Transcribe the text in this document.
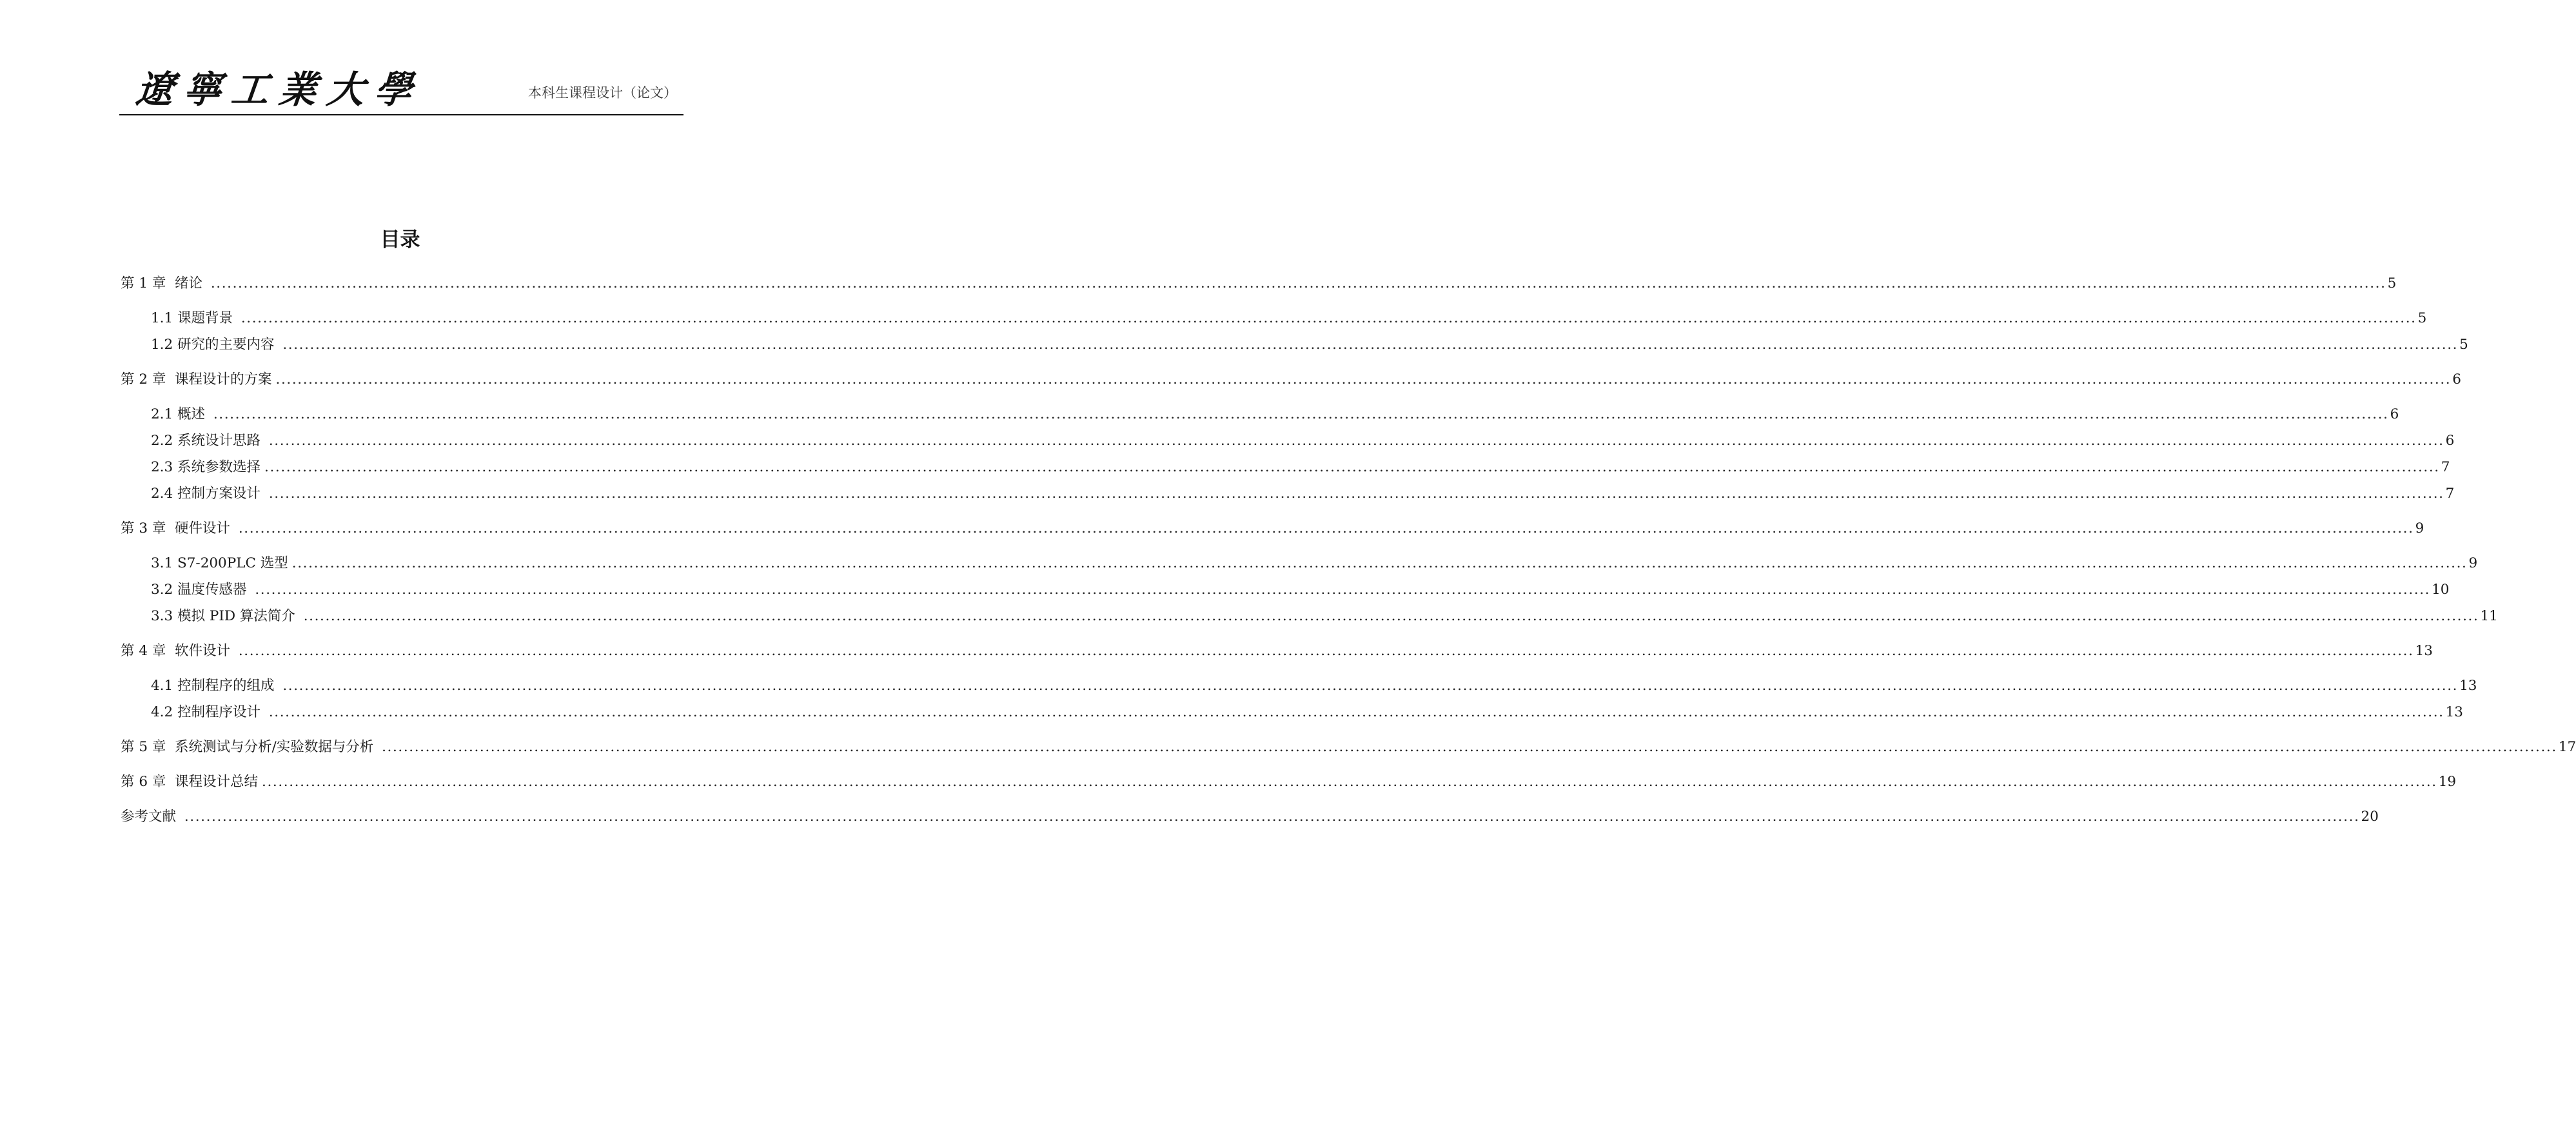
遼寧工業大學	本科生课程设计（论文）
目录
第 1 章  绪论 ................................................................................................................................................................................................................................................................................................................................................................................................................ 5
1.1 课题背景 ................................................................................................................................................................................................................................................................................................................................................................................................................ 5
1.2 研究的主要内容 ................................................................................................................................................................................................................................................................................................................................................................................................................ 5
第 2 章  课程设计的方案 ................................................................................................................................................................................................................................................................................................................................................................................................................ 6
2.1 概述 ................................................................................................................................................................................................................................................................................................................................................................................................................ 6
2.2 系统设计思路 ................................................................................................................................................................................................................................................................................................................................................................................................................ 6
2.3 系统参数选择 ................................................................................................................................................................................................................................................................................................................................................................................................................ 7
2.4 控制方案设计 ................................................................................................................................................................................................................................................................................................................................................................................................................ 7
第 3 章  硬件设计 ................................................................................................................................................................................................................................................................................................................................................................................................................ 9
3.1 S7-200PLC 选型 ................................................................................................................................................................................................................................................................................................................................................................................................................ 9
3.2 温度传感器 ................................................................................................................................................................................................................................................................................................................................................................................................................ 10
3.3 模拟 PID 算法简介 ................................................................................................................................................................................................................................................................................................................................................................................................................ 11
第 4 章  软件设计 ................................................................................................................................................................................................................................................................................................................................................................................................................ 13
4.1 控制程序的组成 ................................................................................................................................................................................................................................................................................................................................................................................................................ 13
4.2 控制程序设计 ................................................................................................................................................................................................................................................................................................................................................................................................................ 13
第 5 章  系统测试与分析/实验数据与分析 ................................................................................................................................................................................................................................................................................................................................................................................................................ 17
第 6 章  课程设计总结 ................................................................................................................................................................................................................................................................................................................................................................................................................ 19
参考文献 ................................................................................................................................................................................................................................................................................................................................................................................................................ 20
